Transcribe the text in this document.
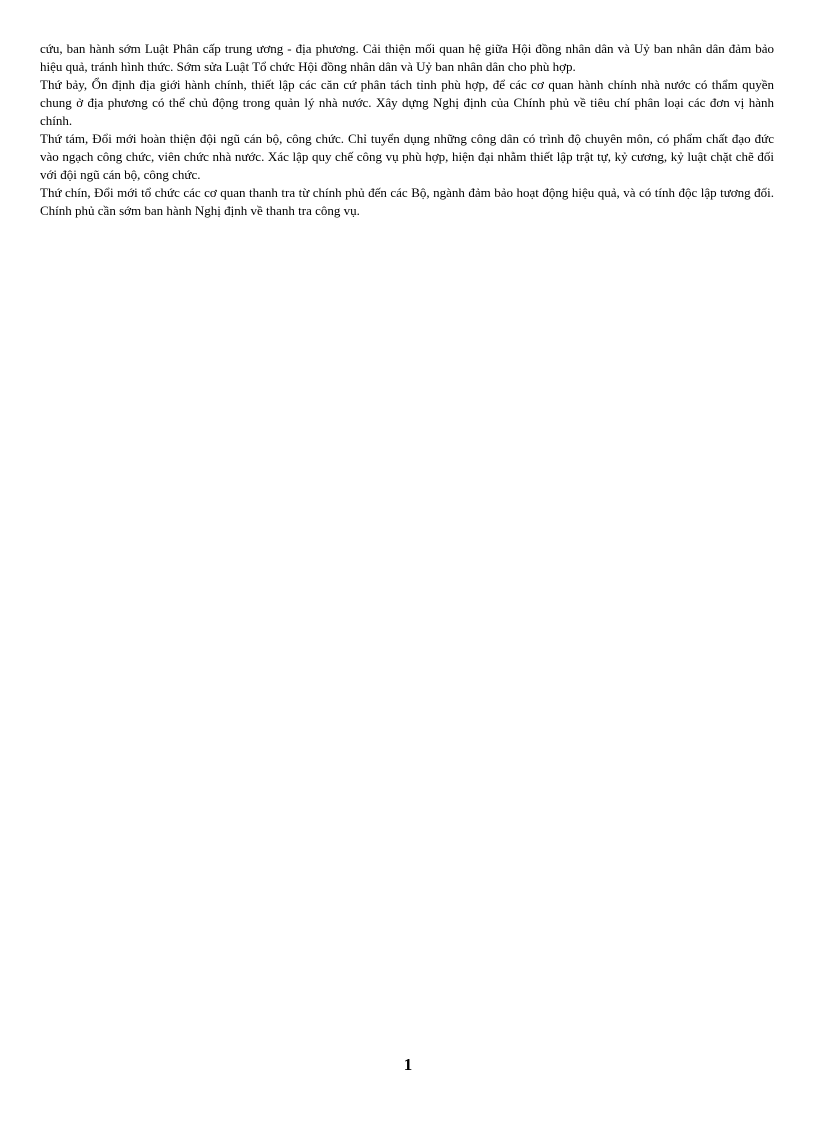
cứu, ban hành sớm Luật Phân cấp trung ương - địa phương. Cải thiện mối quan hệ giữa Hội đồng nhân dân và Uỷ ban nhân dân đảm bảo hiệu quả, tránh hình thức. Sớm sửa Luật Tổ chức Hội đồng nhân dân và Uỷ ban nhân dân cho phù hợp.

Thứ bảy, Ổn định địa giới hành chính, thiết lập các căn cứ phân tách tỉnh phù hợp, để các cơ quan hành chính nhà nước có thẩm quyền chung ở địa phương có thể chủ động trong quản lý nhà nước. Xây dựng Nghị định của Chính phủ về tiêu chí phân loại các đơn vị hành chính.

Thứ tám, Đổi mới hoàn thiện đội ngũ cán bộ, công chức. Chỉ tuyển dụng những công dân có trình độ chuyên môn, có phẩm chất đạo đức vào ngạch công chức, viên chức nhà nước. Xác lập quy chế công vụ phù hợp, hiện đại nhằm thiết lập trật tự, kỷ cương, kỷ luật chặt chẽ đối với đội ngũ cán bộ, công chức.

Thứ chín, Đổi mới tổ chức các cơ quan thanh tra từ chính phủ đến các Bộ, ngành đảm bảo hoạt động hiệu quả, và có tính độc lập tương đối. Chính phủ cần sớm ban hành Nghị định về thanh tra công vụ.

1
